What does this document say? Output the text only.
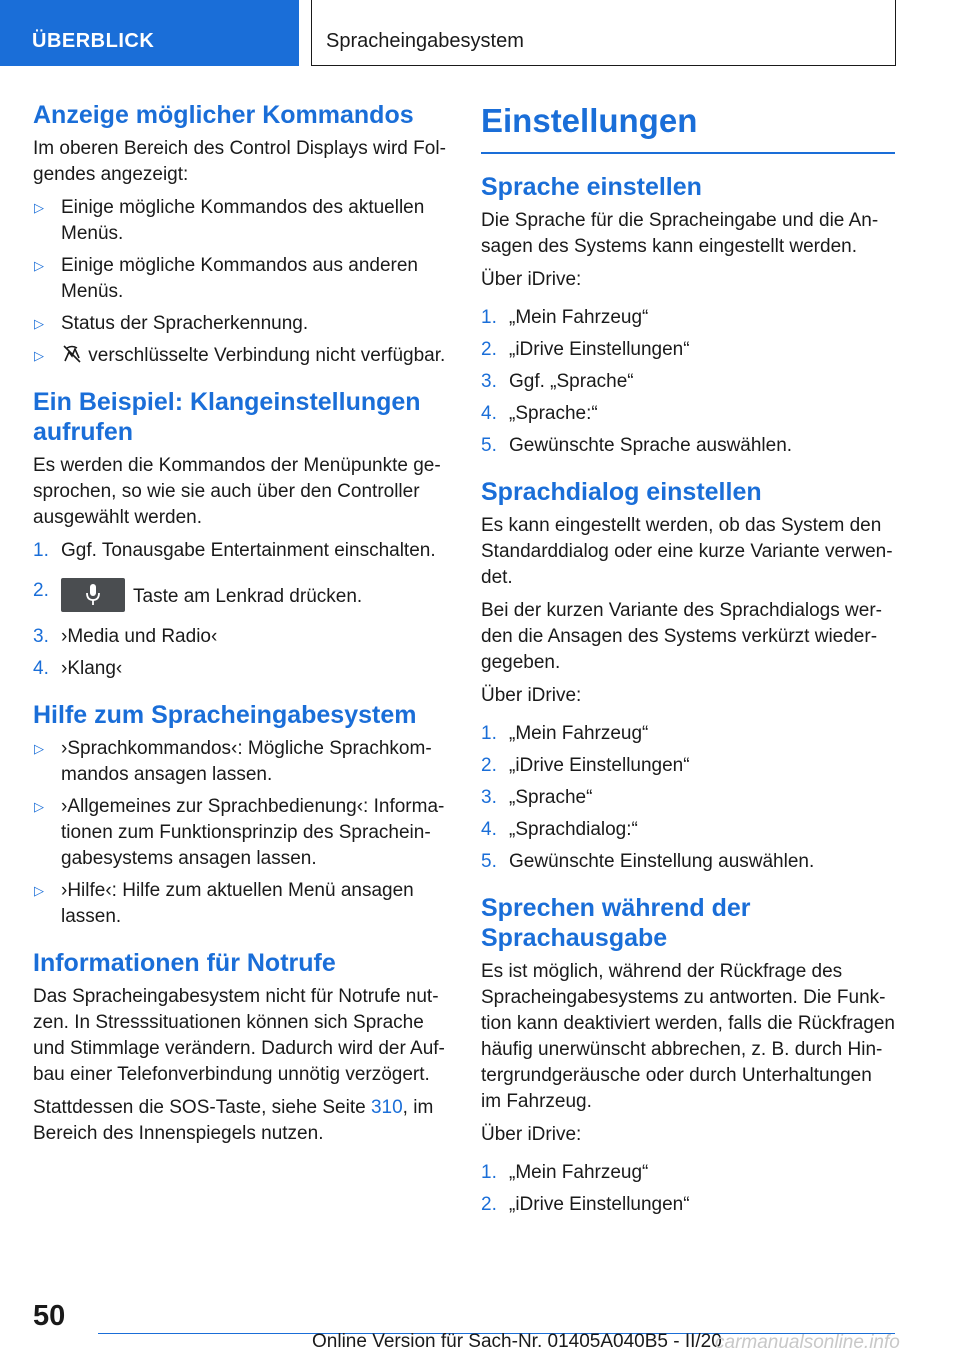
ÜBERBLICK	Spracheingabesystem
Anzeige möglicher Kommandos

Im oberen Bereich des Control Displays wird Folgendes angezeigt:

▷ Einige mögliche Kommandos des aktuellen Menüs.
▷ Einige mögliche Kommandos aus anderen Menüs.
▷ Status der Spracherkennung.
▷ verschlüsselte Verbindung nicht verfügbar.
Ein Beispiel: Klangeinstellungen aufrufen

Es werden die Kommandos der Menüpunkte gesprochen, so wie sie auch über den Controller ausgewählt werden.

1. Ggf. Tonausgabe Entertainment einschalten.
2.	Taste am Lenkrad drücken.
3. ›Media und Radio‹
4. ›Klang‹
Hilfe zum Spracheingabesystem
▷ ›Sprachkommandos‹: Mögliche Sprachkommandos ansagen lassen.
▷ ›Allgemeines zur Sprachbedienung‹: Informationen zum Funktionsprinzip des Spracheingabesystems ansagen lassen.
▷ ›Hilfe‹: Hilfe zum aktuellen Menü ansagen lassen.
Informationen für Notrufe

Das Spracheingabesystem nicht für Notrufe nutzen. In Stresssituationen können sich Sprache und Stimmlage verändern. Dadurch wird der Aufbau einer Telefonverbindung unnötig verzögert.

Stattdessen die SOS-Taste, siehe Seite 310, im Bereich des Innenspiegels nutzen.

Einstellungen
Sprache einstellen

Die Sprache für die Spracheingabe und die Ansagen des Systems kann eingestellt werden.

Über iDrive:

1. „Mein Fahrzeug“
2. „iDrive Einstellungen“
3. Ggf. „Sprache“
4. „Sprache:“
5. Gewünschte Sprache auswählen.
Sprachdialog einstellen

Es kann eingestellt werden, ob das System den Standarddialog oder eine kurze Variante verwendet.

Bei der kurzen Variante des Sprachdialogs werden die Ansagen des Systems verkürzt wiedergegeben.

Über iDrive:

1. „Mein Fahrzeug“
2. „iDrive Einstellungen“
3. „Sprache“
4. „Sprachdialog:“
5. Gewünschte Einstellung auswählen.
Sprechen während der Sprachausgabe

Es ist möglich, während der Rückfrage des Spracheingabesystems zu antworten. Die Funktion kann deaktiviert werden, falls die Rückfragen häufig unerwünscht abbrechen, z. B. durch Hintergrundgeräusche oder durch Unterhaltungen im Fahrzeug.

Über iDrive:

1. „Mein Fahrzeug“
2. „iDrive Einstellungen“
50
Online Version für Sach-Nr. 01405A040B5 - II/20
carmanualsonline.info
